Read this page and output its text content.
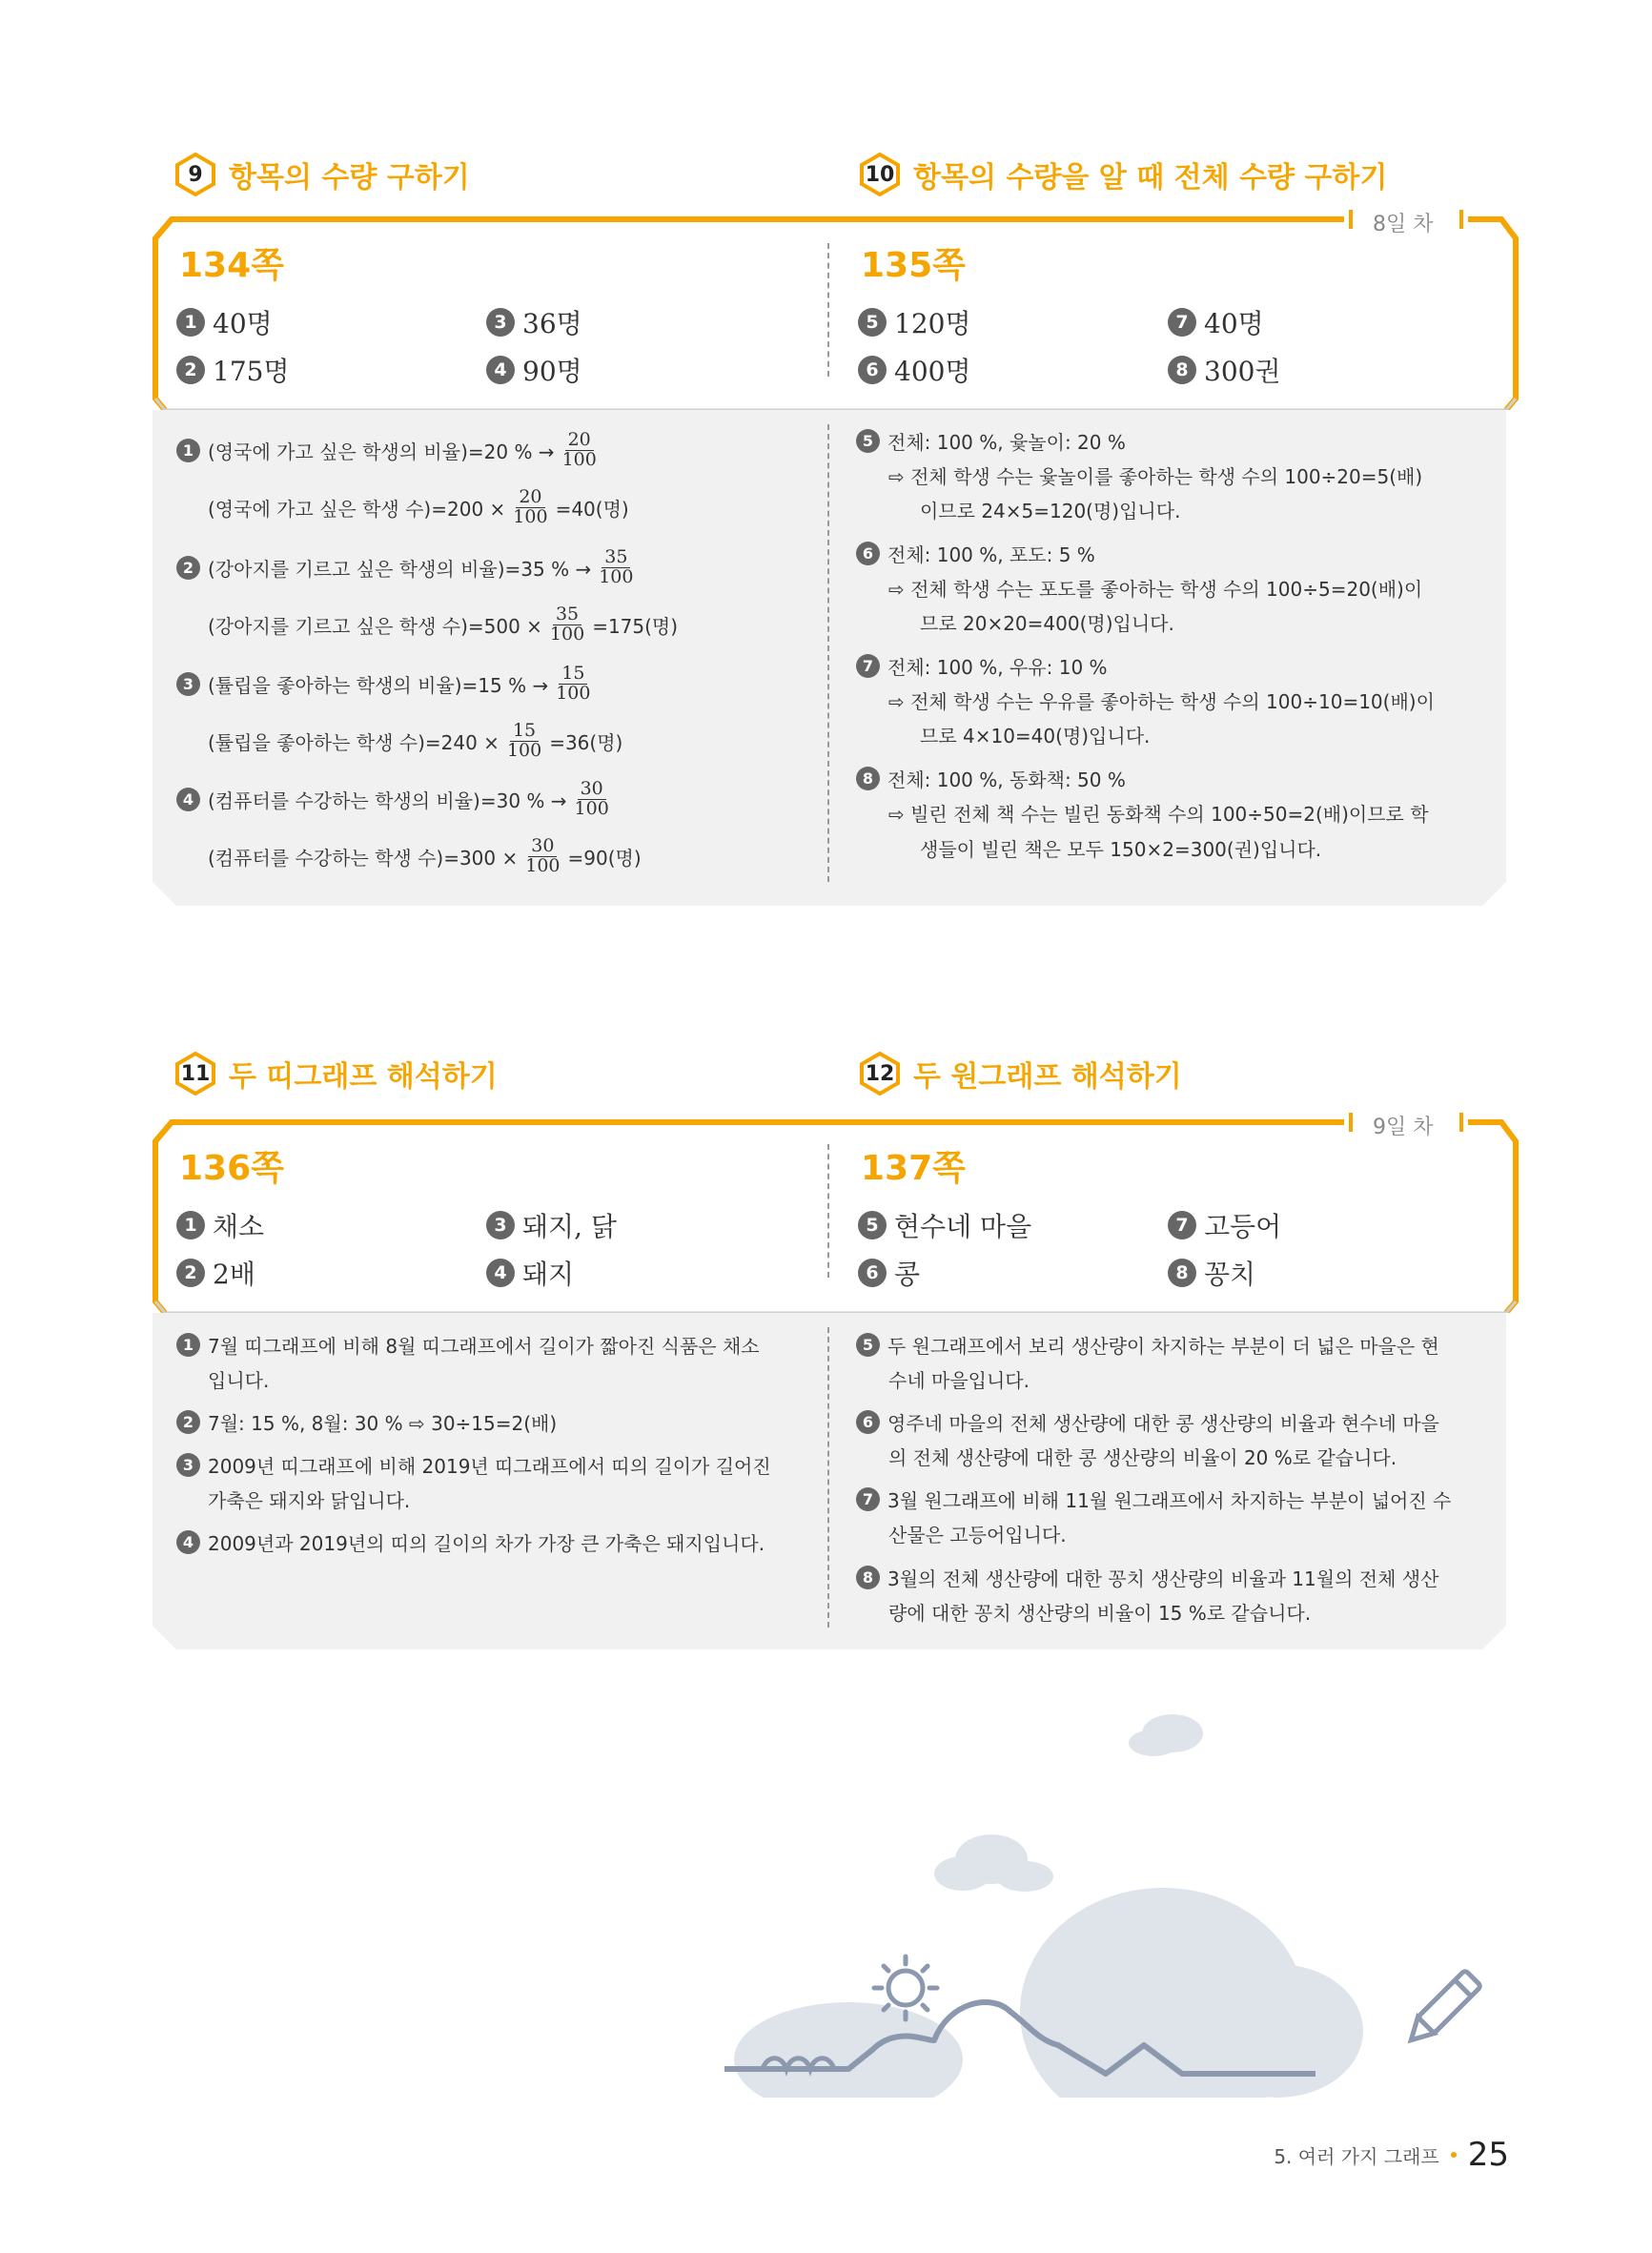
9 항목의 수량 구하기	10 항목의 수량을 알 때 전체 수량 구하기
8일 차
134쪽	135쪽
1 40명	3 36명
2 175명	4 90명
5 120명	7 40명
6 400명	8 300권
1 (영국에 가고 싶은 학생의 비율)=20 % → $\frac{20}{100}$
(영국에 가고 싶은 학생 수)$=200 \times \frac{20}{100} =40$(명)
2 (강아지를 기르고 싶은 학생의 비율)=35 % → $\frac{35}{100}$
(강아지를 기르고 싶은 학생 수)$=500 \times \frac{35}{100} =175$(명)
3 (튤립을 좋아하는 학생의 비율)=15 % → $\frac{15}{100}$
(튤립을 좋아하는 학생 수)$=240 \times \frac{15}{100} =36$(명)
4 (컴퓨터를 수강하는 학생의 비율)=30 % → $\frac{30}{100}$
(컴퓨터를 수강하는 학생 수)$=300 \times \frac{30}{100} =90$(명)
5 전체: 100 %, 윷놀이: 20 %
⇨ 전체 학생 수는 윷놀이를 좋아하는 학생 수의 100÷20=5(배)
이므로 24×5=120(명)입니다.
6 전체: 100 %, 포도: 5 %
⇨ 전체 학생 수는 포도를 좋아하는 학생 수의 100÷5=20(배)이
므로 20×20=400(명)입니다.
7 전체: 100 %, 우유: 10 %
⇨ 전체 학생 수는 우유를 좋아하는 학생 수의 100÷10=10(배)이
므로 4×10=40(명)입니다.
8 전체: 100 %, 동화책: 50 %
⇨ 빌린 전체 책 수는 빌린 동화책 수의 100÷50=2(배)이므로 학
생들이 빌린 책은 모두 150×2=300(권)입니다.
11 두 띠그래프 해석하기	12 두 원그래프 해석하기
9일 차
136쪽	137쪽
1 채소	3 돼지, 닭
2 2배	4 돼지
5 현수네 마을	7 고등어
6 콩	8 꽁치
1 7월 띠그래프에 비해 8월 띠그래프에서 길이가 짧아진 식품은 채소
입니다.
2 7월: 15 %, 8월: 30 % ⇨ 30÷15=2(배)
3 2009년 띠그래프에 비해 2019년 띠그래프에서 띠의 길이가 길어진
가축은 돼지와 닭입니다.
4 2009년과 2019년의 띠의 길이의 차가 가장 큰 가축은 돼지입니다.
5 두 원그래프에서 보리 생산량이 차지하는 부분이 더 넓은 마을은 현
수네 마을입니다.
6 영주네 마을의 전체 생산량에 대한 콩 생산량의 비율과 현수네 마을
의 전체 생산량에 대한 콩 생산량의 비율이 20 %로 같습니다.
7 3월 원그래프에 비해 11월 원그래프에서 차지하는 부분이 넓어진 수
산물은 고등어입니다.
8 3월의 전체 생산량에 대한 꽁치 생산량의 비율과 11월의 전체 생산
량에 대한 꽁치 생산량의 비율이 15 %로 같습니다.
5. 여러 가지 그래프 25
